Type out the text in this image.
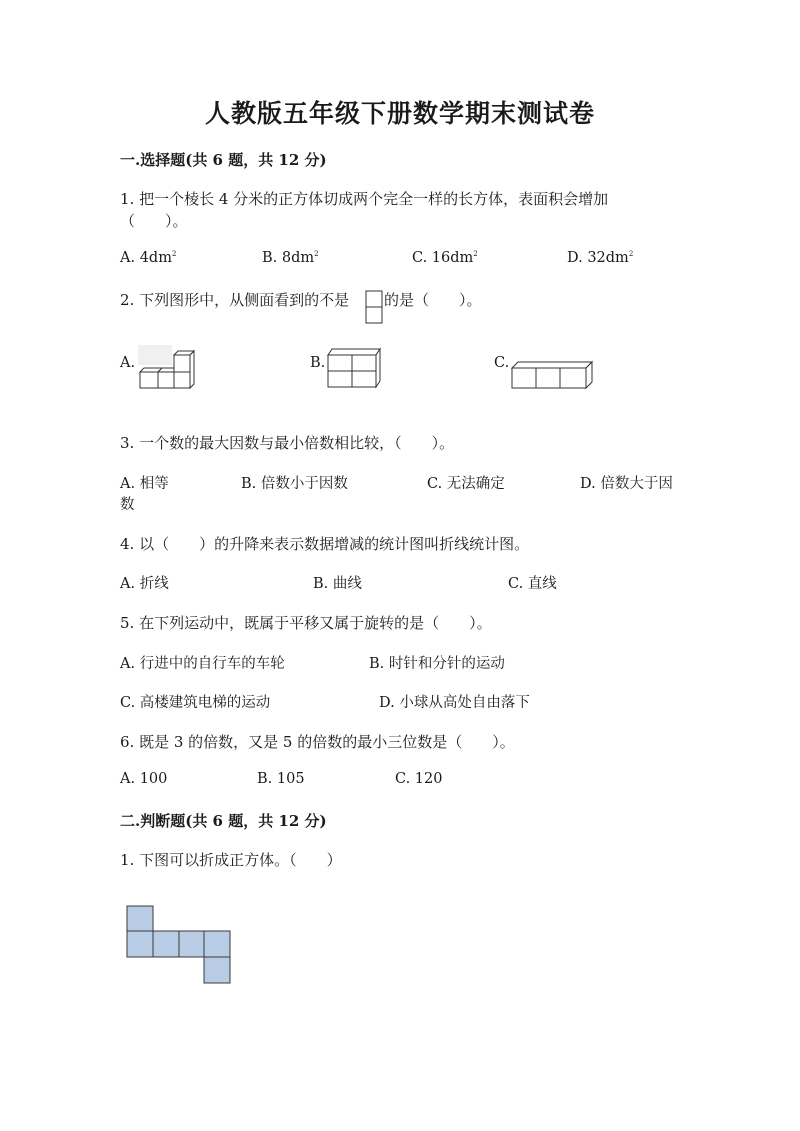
人教版五年级下册数学期末测试卷
一.选择题(共 6 题，共 12 分)
1. 把一个棱长 4 分米的正方体切成两个完全一样的长方体，表面积会增加
（　　）。
A. $4dm^2$	B. $8dm^2$	C. $16dm^2$	D. $32dm^2$
2. 下列图形中，从侧面看到的不是 的是（　　）。
A.	B.	C.
3. 一个数的最大因数与最小倍数相比较，（　　）。
A. 相等	B. 倍数小于因数	C. 无法确定	D. 倍数大于因
数
4. 以（　　）的升降来表示数据增减的统计图叫折线统计图。
A. 折线	B. 曲线	C. 直线
5. 在下列运动中，既属于平移又属于旋转的是（　　）。
A. 行进中的自行车的车轮	B. 时针和分针的运动
C. 高楼建筑电梯的运动	D. 小球从高处自由落下
6. 既是 3 的倍数，又是 5 的倍数的最小三位数是（　　）。
A. 100	B. 105	C. 120
二.判断题(共 6 题，共 12 分)
1. 下图可以折成正方体。（　　）
